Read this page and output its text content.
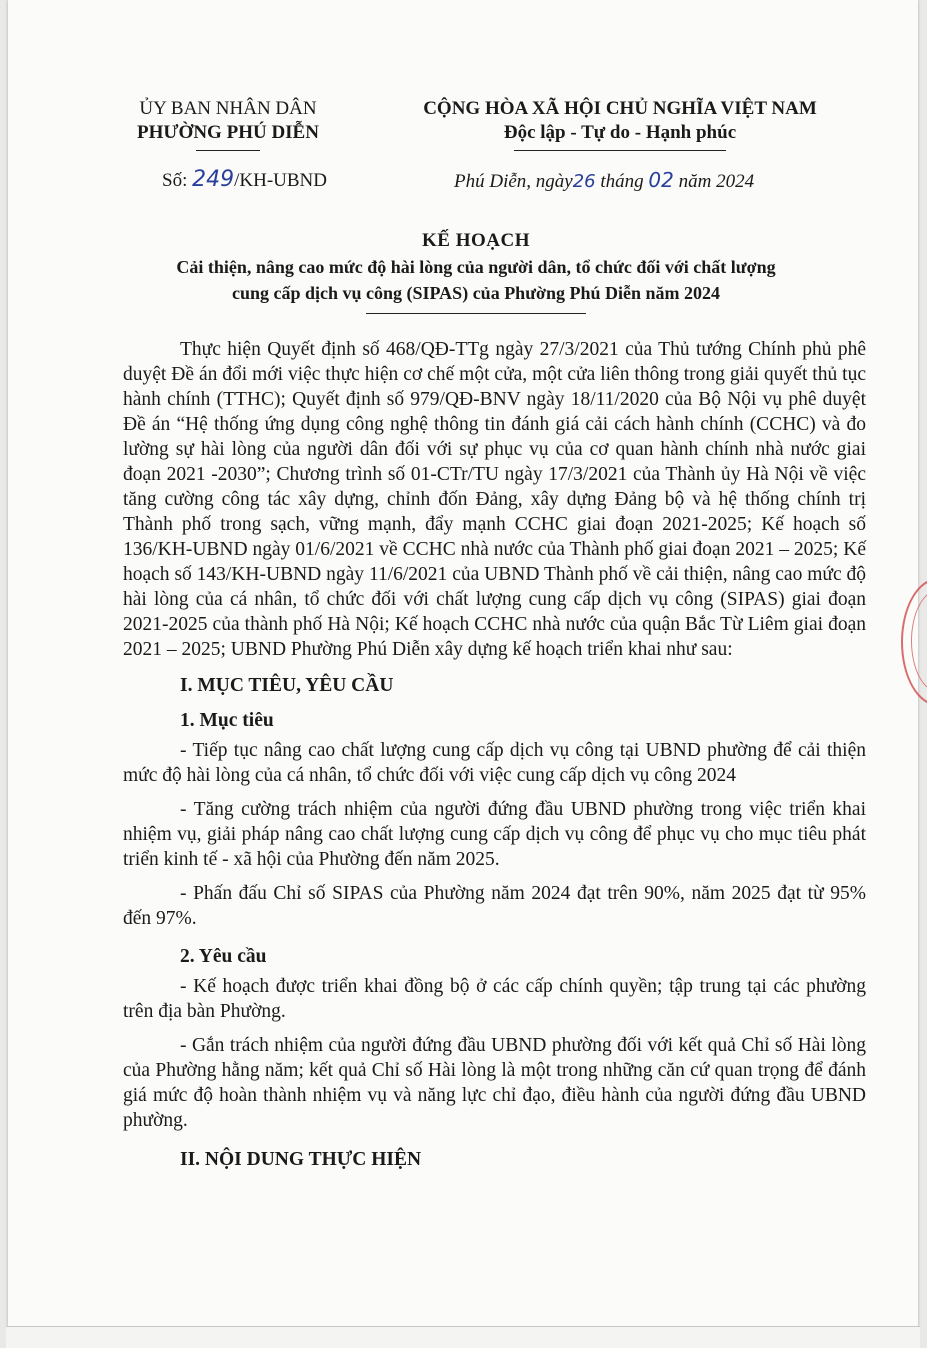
ỦY BAN NHÂN DÂN
PHƯỜNG PHÚ DIỄN
CỘNG HÒA XÃ HỘI CHỦ NGHĨA VIỆT NAM
Độc lập - Tự do - Hạnh phúc
Số: 249/KH-UBND	Phú Diễn, ngày26 tháng 02 năm 2024
KẾ HOẠCH
Cải thiện, nâng cao mức độ hài lòng của người dân, tổ chức đối với chất lượng
cung cấp dịch vụ công (SIPAS) của Phường Phú Diễn năm 2024

Thực hiện Quyết định số 468/QĐ-TTg ngày 27/3/2021 của Thủ tướng Chính phủ phê duyệt Đề án đổi mới việc thực hiện cơ chế một cửa, một cửa liên thông trong giải quyết thủ tục hành chính (TTHC); Quyết định số 979/QĐ-BNV ngày 18/11/2020 của Bộ Nội vụ phê duyệt Đề án “Hệ thống ứng dụng công nghệ thông tin đánh giá cải cách hành chính (CCHC) và đo lường sự hài lòng của người dân đối với sự phục vụ của cơ quan hành chính nhà nước giai đoạn 2021 -2030”; Chương trình số 01-CTr/TU ngày 17/3/2021 của Thành ủy Hà Nội về việc tăng cường công tác xây dựng, chỉnh đốn Đảng, xây dựng Đảng bộ và hệ thống chính trị Thành phố trong sạch, vững mạnh, đẩy mạnh CCHC giai đoạn 2021-2025; Kế hoạch số 136/KH-UBND ngày 01/6/2021 về CCHC nhà nước của Thành phố giai đoạn 2021 – 2025; Kế hoạch số 143/KH-UBND ngày 11/6/2021 của UBND Thành phố về cải thiện, nâng cao mức độ hài lòng của cá nhân, tổ chức đối với chất lượng cung cấp dịch vụ công (SIPAS) giai đoạn 2021-2025 của thành phố Hà Nội; Kế hoạch CCHC nhà nước của quận Bắc Từ Liêm giai đoạn 2021 – 2025; UBND Phường Phú Diễn xây dựng kế hoạch triển khai như sau:

I. MỤC TIÊU, YÊU CẦU

1. Mục tiêu

- Tiếp tục nâng cao chất lượng cung cấp dịch vụ công tại UBND phường để cải thiện mức độ hài lòng của cá nhân, tổ chức đối với việc cung cấp dịch vụ công 2024

- Tăng cường trách nhiệm của người đứng đầu UBND phường trong việc triển khai nhiệm vụ, giải pháp nâng cao chất lượng cung cấp dịch vụ công để phục vụ cho mục tiêu phát triển kinh tế - xã hội của Phường đến năm 2025.

- Phấn đấu Chỉ số SIPAS của Phường năm 2024 đạt trên 90%, năm 2025 đạt từ 95% đến 97%.

2. Yêu cầu

- Kế hoạch được triển khai đồng bộ ở các cấp chính quyền; tập trung tại các phường trên địa bàn Phường.

- Gắn trách nhiệm của người đứng đầu UBND phường đối với kết quả Chỉ số Hài lòng của Phường hằng năm; kết quả Chỉ số Hài lòng là một trong những căn cứ quan trọng để đánh giá mức độ hoàn thành nhiệm vụ và năng lực chỉ đạo, điều hành của người đứng đầu UBND phường.

II. NỘI DUNG THỰC HIỆN
